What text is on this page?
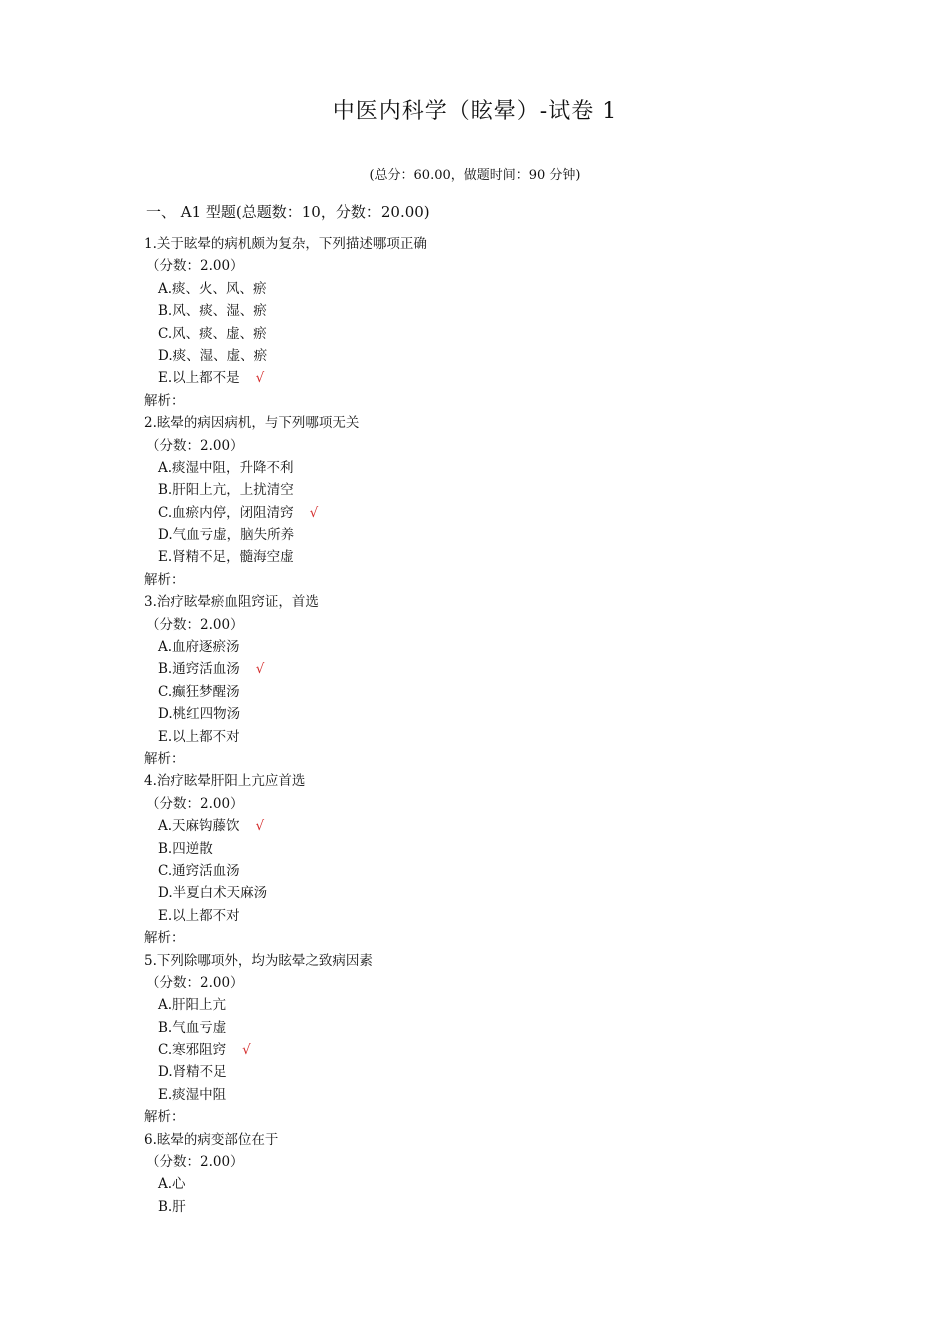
中医内科学（眩晕）-试卷 1
(总分：60.00，做题时间：90 分钟)
一、 A1 型题(总题数：10，分数：20.00)
1.关于眩晕的病机颇为复杂，下列描述哪项正确
（分数：2.00）
A.痰、火、风、瘀
B.风、痰、湿、瘀
C.风、痰、虚、瘀
D.痰、湿、虚、瘀
E.以上都不是 √
解析：
2.眩晕的病因病机，与下列哪项无关
（分数：2.00）
A.痰湿中阻，升降不利
B.肝阳上亢，上扰清空
C.血瘀内停，闭阻清窍 √
D.气血亏虚，脑失所养
E.肾精不足，髓海空虚
解析：
3.治疗眩晕瘀血阻窍证，首选
（分数：2.00）
A.血府逐瘀汤
B.通窍活血汤 √
C.癫狂梦醒汤
D.桃红四物汤
E.以上都不对
解析：
4.治疗眩晕肝阳上亢应首选
（分数：2.00）
A.天麻钩藤饮 √
B.四逆散
C.通窍活血汤
D.半夏白术天麻汤
E.以上都不对
解析：
5.下列除哪项外，均为眩晕之致病因素
（分数：2.00）
A.肝阳上亢
B.气血亏虚
C.寒邪阻窍 √
D.肾精不足
E.痰湿中阻
解析：
6.眩晕的病变部位在于
（分数：2.00）
A.心
B.肝
